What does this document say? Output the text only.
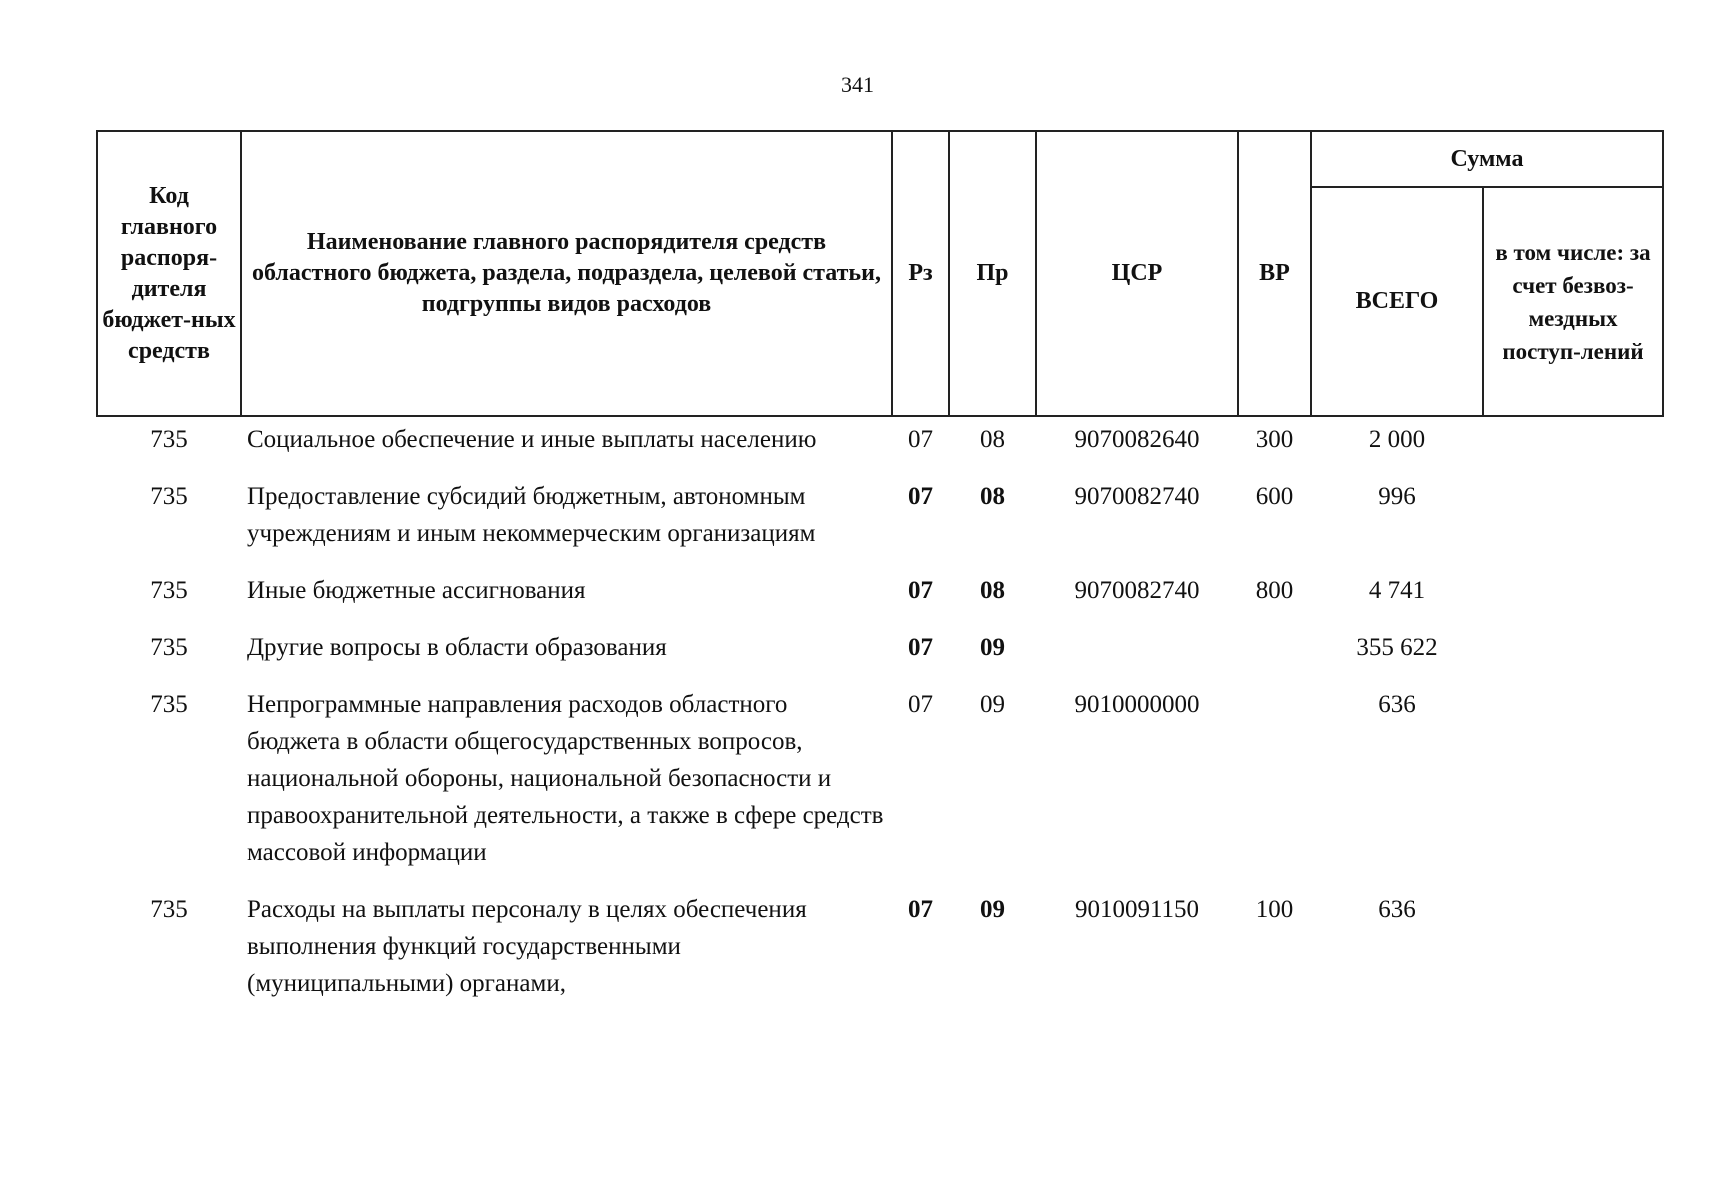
341
Код главного распоря-дителя бюджет-ных средств	Наименование главного распорядителя средств областного бюджета, раздела, подраздела, целевой статьи, подгруппы видов расходов	Рз	Пр	ЦСР	ВР	Сумма	
						ВСЕГО	в том числе: за счет безвоз-мездных поступ-лений
735	Социальное обеспечение и иные выплаты населению	07	08	9070082640	300	2 000	
735	Предоставление субсидий бюджетным, автономным учреждениям и иным некоммерческим организациям	07	08	9070082740	600	996	
735	Иные бюджетные ассигнования	07	08	9070082740	800	4 741	
735	Другие вопросы в области образования	07	09			355 622	
735	Непрограммные направления расходов областного бюджета в области общегосударственных вопросов, национальной обороны, национальной безопасности и правоохранительной деятельности, а также в сфере средств массовой информации	07	09	9010000000		636	
735	Расходы на выплаты персоналу в целях обеспечения выполнения функций государственными (муниципальными) органами,	07	09	9010091150	100	636	
